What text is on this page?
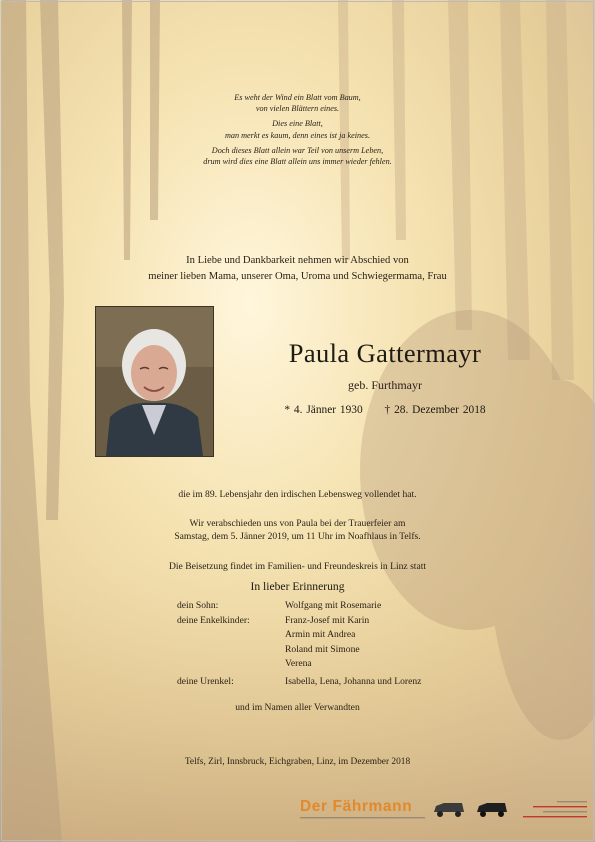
Es weht der Wind ein Blatt vom Baum,
von vielen Blättern eines.

Dies eine Blatt,
man merkt es kaum, denn eines ist ja keines.

Doch dieses Blatt allein war Teil von unserm Leben,
drum wird dies eine Blatt allein uns immer wieder fehlen.

In Liebe und Dankbarkeit nehmen wir Abschied von
meiner lieben Mama, unserer Oma, Uroma und Schwiegermama, Frau
Paula Gattermayr
geb. Furthmayr
* 4. Jänner 1930 † 28. Dezember 2018
die im 89. Lebensjahr den irdischen Lebensweg vollendet hat.
Wir verabschieden uns von Paula bei der Trauerfeier am
Samstag, dem 5. Jänner 2019, um 11 Uhr im Noafhlaus in Telfs.
Die Beisetzung findet im Familien- und Freundeskreis in Linz statt
In lieber Erinnerung
dein Sohn:	Wolfgang mit Rosemarie
deine Enkelkinder:	Franz-Josef mit Karin
Armin mit Andrea
Roland mit Simone
Verena
deine Urenkel:	Isabella, Lena, Johanna und Lorenz
und im Namen aller Verwandten
Telfs, Zirl, Innsbruck, Eichgraben, Linz, im Dezember 2018
Der Fährmann
